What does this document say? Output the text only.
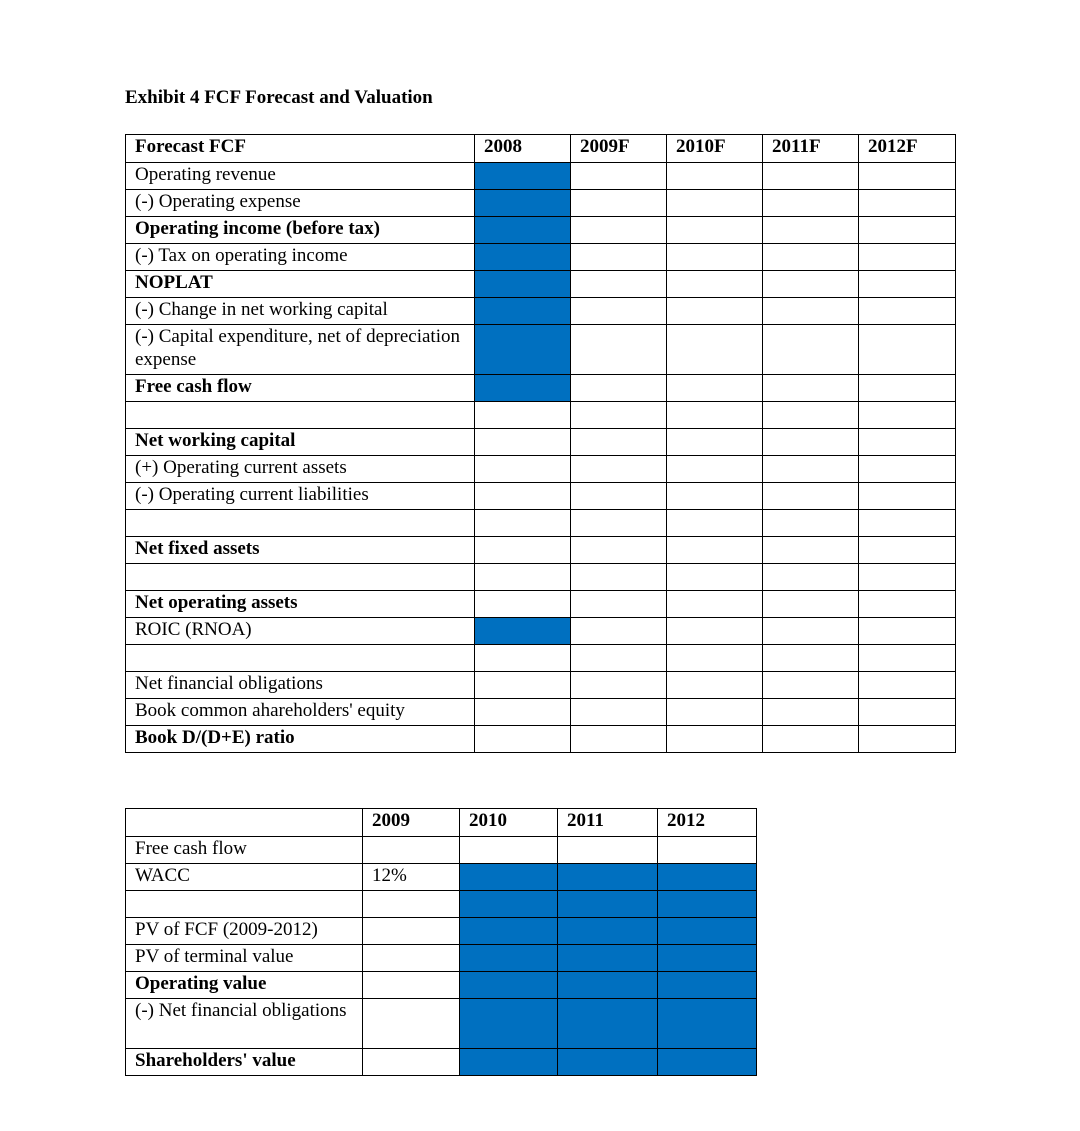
Exhibit 4 FCF Forecast and Valuation
Forecast FCF	2008	2009F	2010F	2011F	2012F
Operating revenue					
(-) Operating expense					
Operating income (before tax)					
(-) Tax on operating income					
NOPLAT					
(-) Change in net working capital					
(-) Capital expenditure, net of depreciation expense					
Free cash flow					

Net working capital					
(+) Operating current assets					
(-) Operating current liabilities					

Net fixed assets					

Net operating assets					
ROIC (RNOA)					

Net financial obligations					
Book common ahareholders' equity					
Book D/(D+E) ratio					
	2009	2010	2011	2012
Free cash flow				
WACC	12%			

PV of FCF (2009-2012)				
PV of terminal value				
Operating value				
(-) Net financial obligations				
Shareholders' value				
